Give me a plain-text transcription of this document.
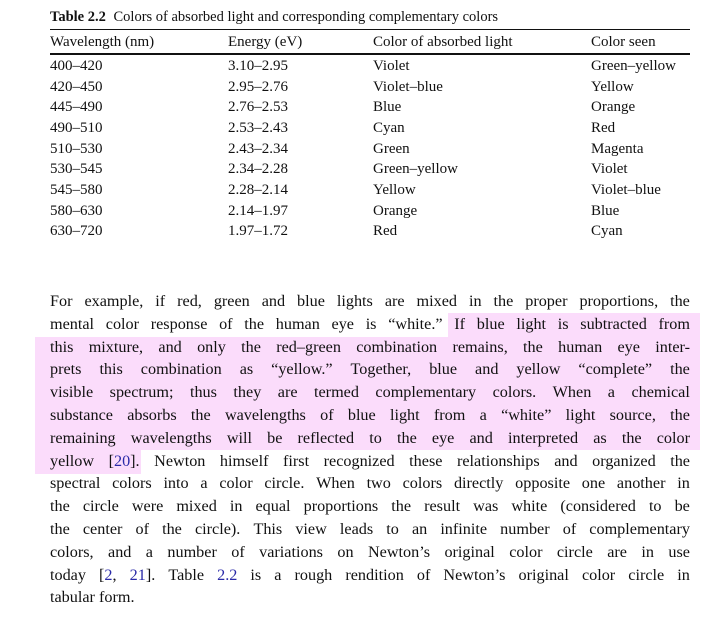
Table 2.2 Colors of absorbed light and corresponding complementary colors
Wavelength (nm)	Energy (eV)	Color of absorbed light	Color seen
400–420	3.10–2.95	Violet	Green–yellow
420–450	2.95–2.76	Violet–blue	Yellow
445–490	2.76–2.53	Blue	Orange
490–510	2.53–2.43	Cyan	Red
510–530	2.43–2.34	Green	Magenta
530–545	2.34–2.28	Green–yellow	Violet
545–580	2.28–2.14	Yellow	Violet–blue
580–630	2.14–1.97	Orange	Blue
630–720	1.97–1.72	Red	Cyan
For example, if red, green and blue lights are mixed in the proper proportions, the
mental color response of the human eye is “white.” If blue light is subtracted from
this mixture, and only the red–green combination remains, the human eye inter-
prets this combination as “yellow.” Together, blue and yellow “complete” the
visible spectrum; thus they are termed complementary colors. When a chemical
substance absorbs the wavelengths of blue light from a “white” light source, the
remaining wavelengths will be reflected to the eye and interpreted as the color
yellow [20]. Newton himself first recognized these relationships and organized the
spectral colors into a color circle. When two colors directly opposite one another in
the circle were mixed in equal proportions the result was white (considered to be
the center of the circle). This view leads to an infinite number of complementary
colors, and a number of variations on Newton’s original color circle are in use
today [2, 21]. Table 2.2 is a rough rendition of Newton’s original color circle in
tabular form.
